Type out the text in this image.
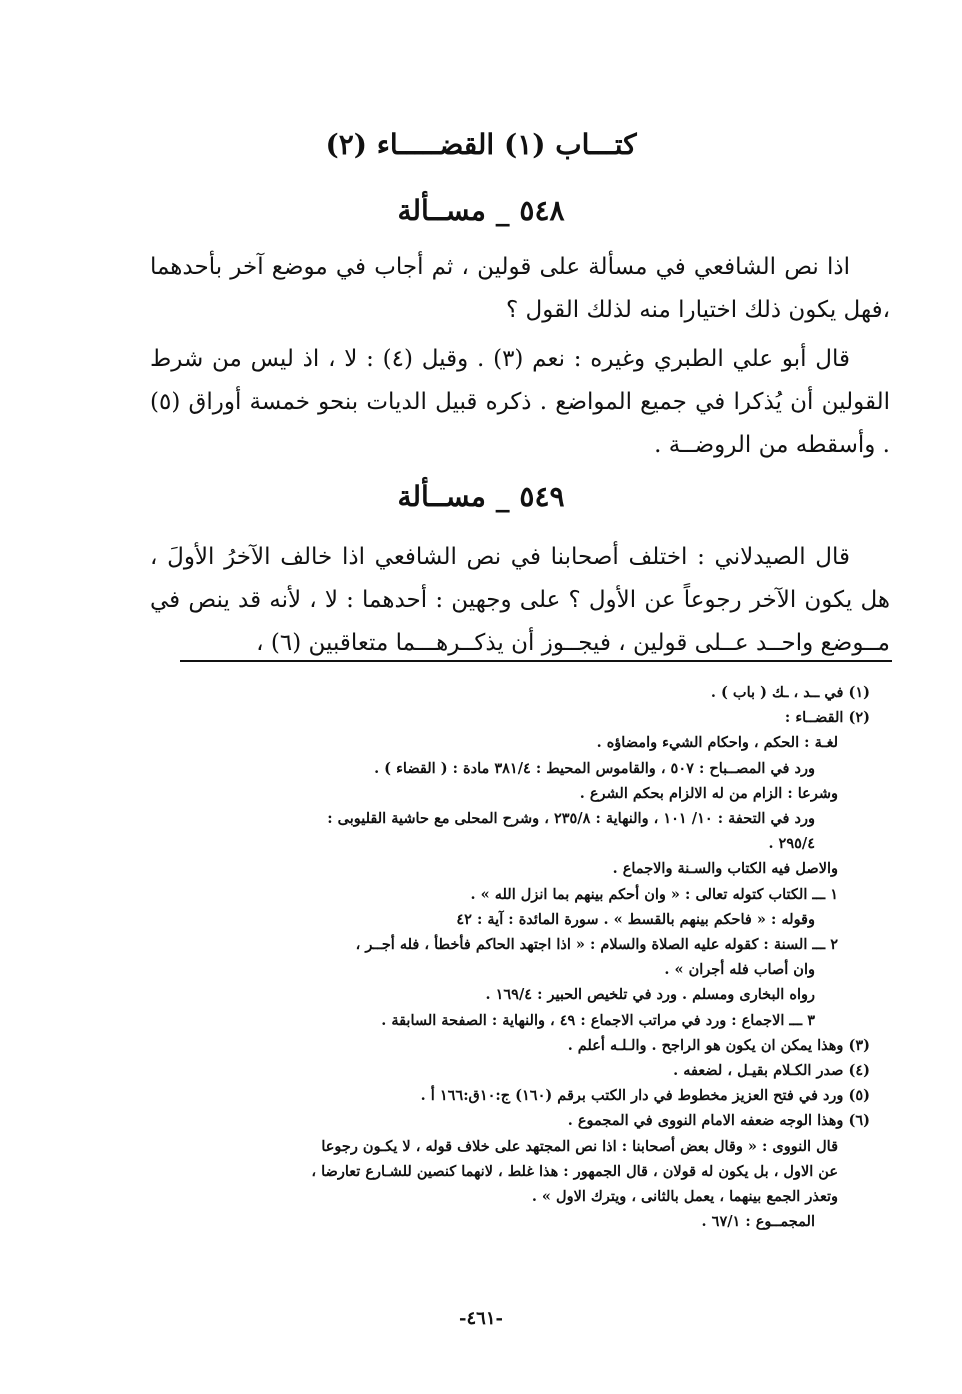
كتـــاب (١) القضـــــاء (٢)
٥٤٨ _ مســألة

اذا نص الشافعي في مسألة على قولين ، ثم أجاب في موضع آخر بأحدهما ،فهل يكون ذلك اختيارا منه لذلك القول ؟

قال أبو علي الطبري وغيره : نعم (٣) . وقيل (٤) : لا ، اذ ليس من شرط القولين أن يُذكرا في جميع المواضع . ذكره قبيل الديات بنحو خمسة أوراق (٥) . وأسقطه من الروضــة .

٥٤٩ _ مســألة

قال الصيدلاني : اختلف أصحابنا في نص الشافعي اذا خالف الآخرُ الأولَ ، هل يكون الآخر رجوعاً عن الأول ؟ على وجهين : أحدهما : لا ، لأنه قد ينص في مــوضع واحــد عــلى قولين ، فيجــوز أن يذكــرهـــما متعاقبين (٦) ،

(١) في ــد ، ـك ( باب ) .
(٢) القضــاء :
لغـة : الحكم ، واحكام الشيء وامضاؤه .
ورد في المصــباح : ٥٠٧ ، والقاموس المحيط : ٣٨١/٤ مادة : ( القضاء ) .
وشرعا : الزام من له الالزام بحكم الشرع .
ورد في التحفة : ١٠/ ١٠١ ، والنهاية : ٢٣٥/٨ ، وشرح المحلى مع حاشية القليوبى :
٢٩٥/٤ .
والاصل فيه الكتاب والسـنة والاجماع .
١ ـــ الكتاب كتوله تعالى : « وان أحكم بينهم بما انزل الله » .
وقوله : « فاحكم بينهم بالقسط » . سورة المائدة : آية : ٤٢
٢ ـــ السنة : كقوله عليه الصلاة والسلام : « اذا اجتهد الحاكم فأخطأ ، فله أجــر ،
وان أصاب فله أجران » .
رواه البخارى ومسلم . ورد في تلخيص الحبير : ١٦٩/٤ .
٣ ـــ الاجماع : ورد في مراتب الاجماع : ٤٩ ، والنهاية : الصفحة السابقة .
(٣) وهذا يمكن ان يكون هو الراجح . والـلـه أعلم .
(٤) صدر الكـلام بقيـل ، لضعفه .
(٥) ورد في فتح العزيز مخطوط في دار الكتب برقم (١٦٠) ج:١٠ق:١٦٦ أ .
(٦) وهذا الوجه ضعفه الامام النووى في المجموع .
قال النووى : « وقال بعض أصحابنا : اذا نص المجتهد على خلاف قوله ، لا يكـون رجوعا
عن الاول ، بل يكون له قولان ، قال الجمهور : هذا غلط ، لانهما كنصين للشـارع تعارضا ،
وتعذر الجمع بينهما ، يعمل بالثانى ، ويترك الاول » .
المجمــوع : ٦٧/١ .
-٤٦١-
